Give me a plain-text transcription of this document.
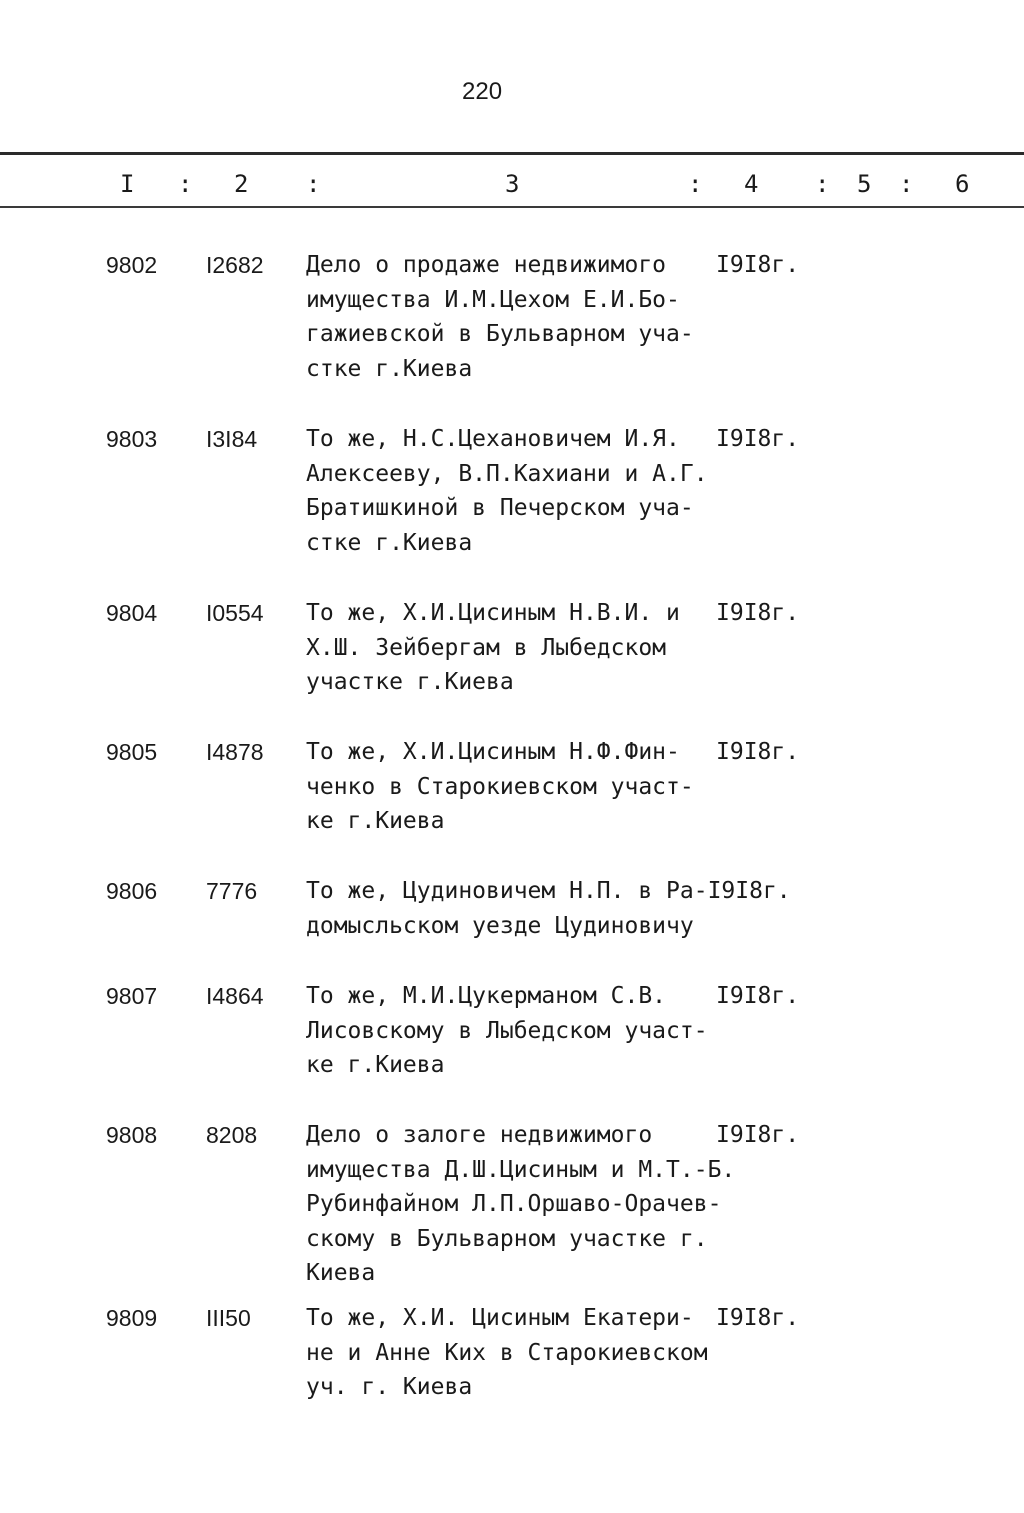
220
I : 2 :	3	: 4 : 5 : 6
9802 I2682 Дело о продаже недвижимого
имущества И.М.Цехом Е.И.Бо-
гажиевской в Бульварном уча-
стке г.Киева
I9I8г.
9803 I3I84 То же, Н.С.Цехановичем И.Я.
Алексееву, В.П.Кахиани и А.Г.
Братишкиной в Печерском уча-
стке г.Киева
I9I8г.
9804 I0554 То же, Х.И.Цисиным Н.В.И. и
Х.Ш. Зейбергам в Лыбедском
участке г.Киева
I9I8г.
9805 I4878 То же, Х.И.Цисиным Н.Ф.Фин-
ченко в Старокиевском участ-
ке г.Киева
I9I8г.
9806 7776 То же, Цудиновичем Н.П. в Ра-I9I8г.
домысльском уезде Цудиновичу
9807 I4864 То же, М.И.Цукерманом С.В.
Лисовскому в Лыбедском участ-
ке г.Киева
I9I8г.
9808 8208 Дело о залоге недвижимого
имущества Д.Ш.Цисиным и М.Т.-Б.
Рубинфайном Л.П.Оршаво-Орачев-
скому в Бульварном участке г.
Киева
I9I8г.
9809 III50 То же, Х.И. Цисиным Екатери-
не и Анне Ких в Старокиевском
уч. г. Киева
I9I8г.
